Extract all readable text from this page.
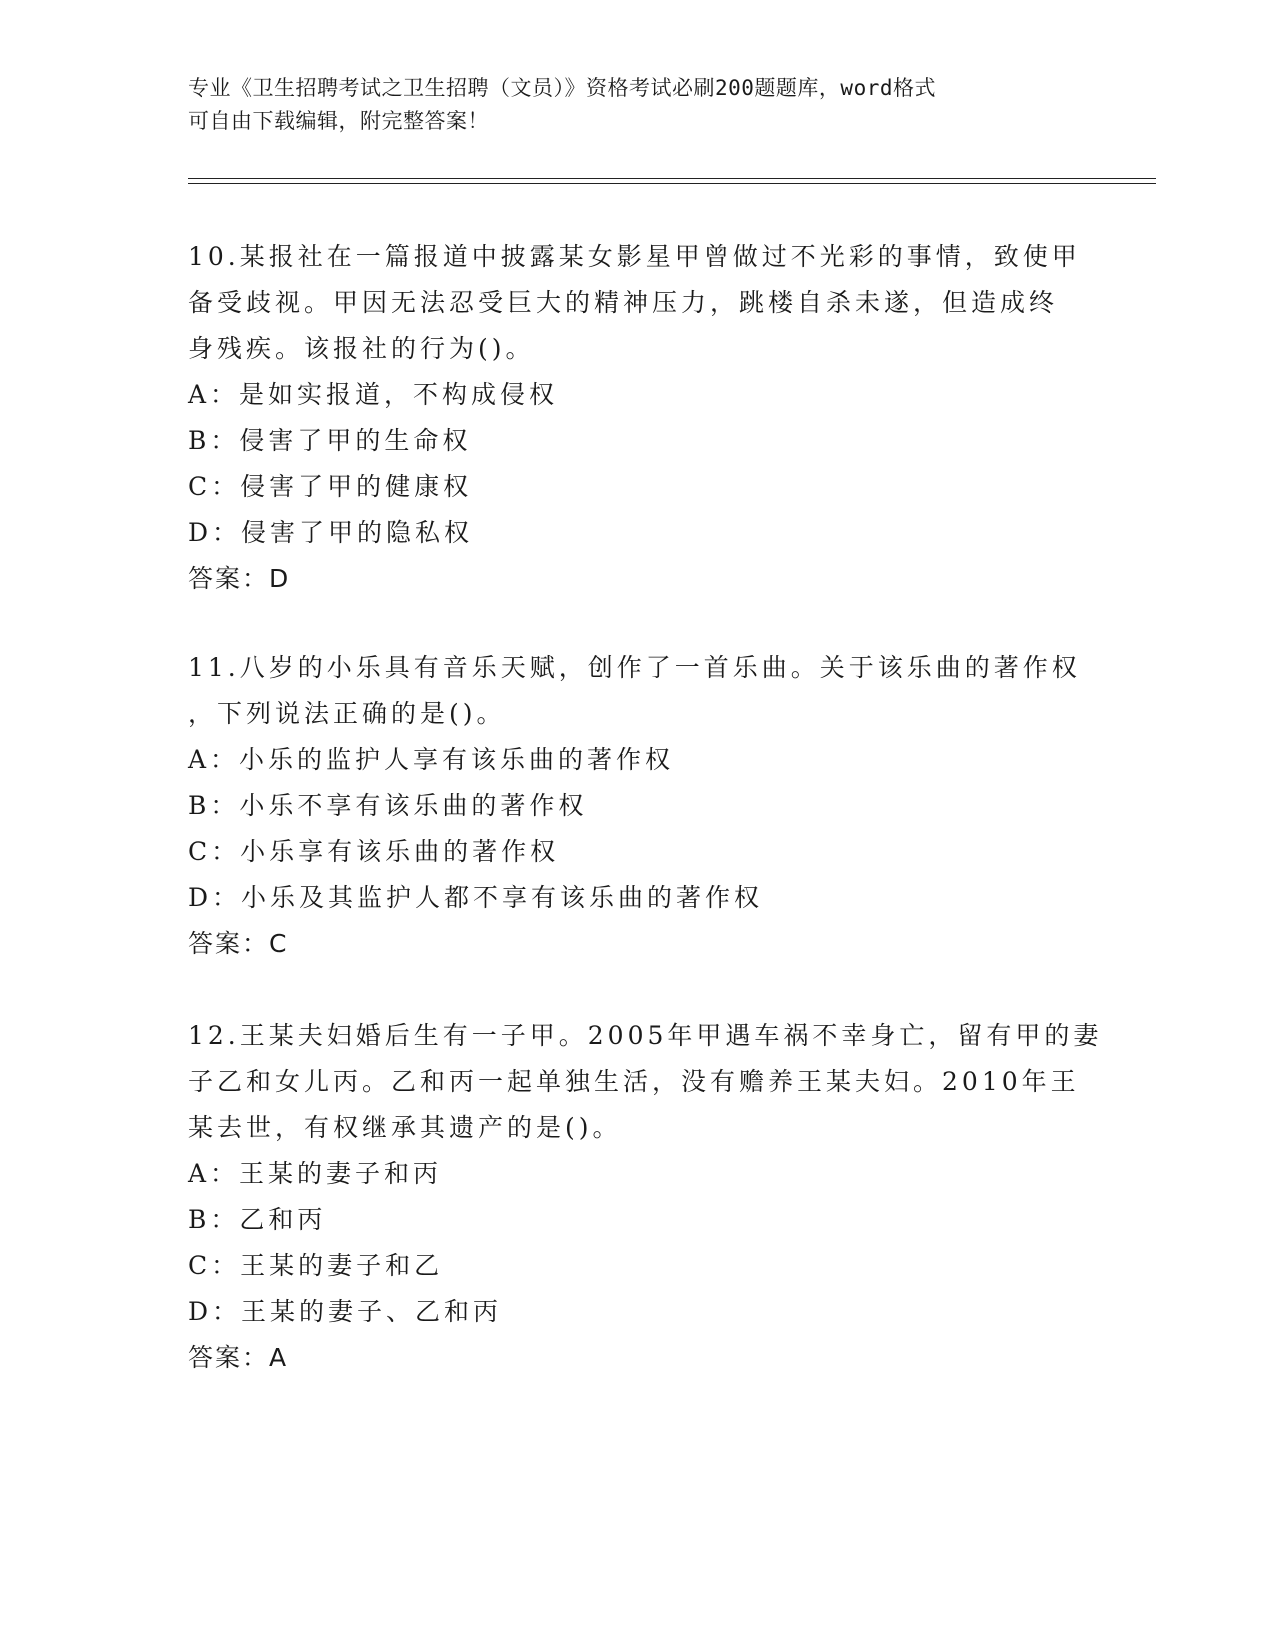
专业《卫生招聘考试之卫生招聘（文员）》资格考试必刷200题题库，word格式
可自由下载编辑，附完整答案！
10.某报社在一篇报道中披露某女影星甲曾做过不光彩的事情，致使甲
备受歧视。甲因无法忍受巨大的精神压力，跳楼自杀未遂，但造成终
身残疾。该报社的行为()。
A：是如实报道，不构成侵权
B：侵害了甲的生命权
C：侵害了甲的健康权
D：侵害了甲的隐私权
答案：D
11.八岁的小乐具有音乐天赋，创作了一首乐曲。关于该乐曲的著作权
，下列说法正确的是()。
A：小乐的监护人享有该乐曲的著作权
B：小乐不享有该乐曲的著作权
C：小乐享有该乐曲的著作权
D：小乐及其监护人都不享有该乐曲的著作权
答案：C
12.王某夫妇婚后生有一子甲。2005年甲遇车祸不幸身亡，留有甲的妻
子乙和女儿丙。乙和丙一起单独生活，没有赡养王某夫妇。2010年王
某去世，有权继承其遗产的是()。
A：王某的妻子和丙
B：乙和丙
C：王某的妻子和乙
D：王某的妻子、乙和丙
答案：A
